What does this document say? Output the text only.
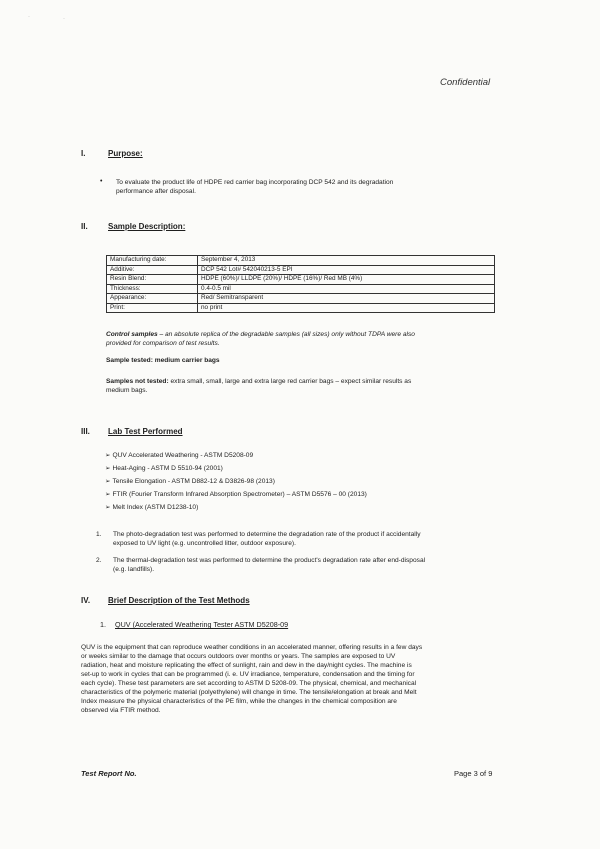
·	·
Confidential
I.	Purpose:
• To evaluate the product life of HDPE red carrier bag incorporating DCP 542 and its degradation
performance after disposal.
II.	Sample Description:
Manufacturing date:	September 4, 2013
Additive:	DCP 542 Lot# 542040213-5 EPI
Resin Blend:	HDPE (60%)/ LLDPE (20%)/ HDPE (16%)/ Red MB (4%)
Thickness:	0.4-0.5 mil
Appearance:	Red/ Semitransparent
Print:	no print
Control samples – an absolute replica of the degradable samples (all sizes) only without TDPA were also
provided for comparison of test results.
Sample tested: medium carrier bags
Samples not tested: extra small, small, large and extra large red carrier bags – expect similar results as
medium bags.
III. Lab Test Performed
➢ QUV Accelerated Weathering - ASTM D5208-09
➢ Heat-Aging - ASTM D 5510-94 (2001)
➢ Tensile Elongation - ASTM D882-12 & D3826-98 (2013)
➢ FTIR (Fourier Transform Infrared Absorption Spectrometer) – ASTM D5576 – 00 (2013)
➢ Melt Index (ASTM D1238-10)
1. The photo-degradation test was performed to determine the degradation rate of the product if accidentally
exposed to UV light (e.g. uncontrolled litter, outdoor exposure).
2. The thermal-degradation test was performed to determine the product's degradation rate after end-disposal
(e.g. landfills).
IV. Brief Description of the Test Methods
1. QUV (Accelerated Weathering Tester ASTM D5208-09
QUV is the equipment that can reproduce weather conditions in an accelerated manner, offering results in a few days
or weeks similar to the damage that occurs outdoors over months or years. The samples are exposed to UV
radiation, heat and moisture replicating the effect of sunlight, rain and dew in the day/night cycles. The machine is
set-up to work in cycles that can be programmed (i. e. UV irradiance, temperature, condensation and the timing for
each cycle). These test parameters are set according to ASTM D 5208-09. The physical, chemical, and mechanical
characteristics of the polymeric material (polyethylene) will change in time. The tensile/elongation at break and Melt
Index measure the physical characteristics of the PE film, while the changes in the chemical composition are
observed via FTIR method.
Test Report No.	Page 3 of 9
